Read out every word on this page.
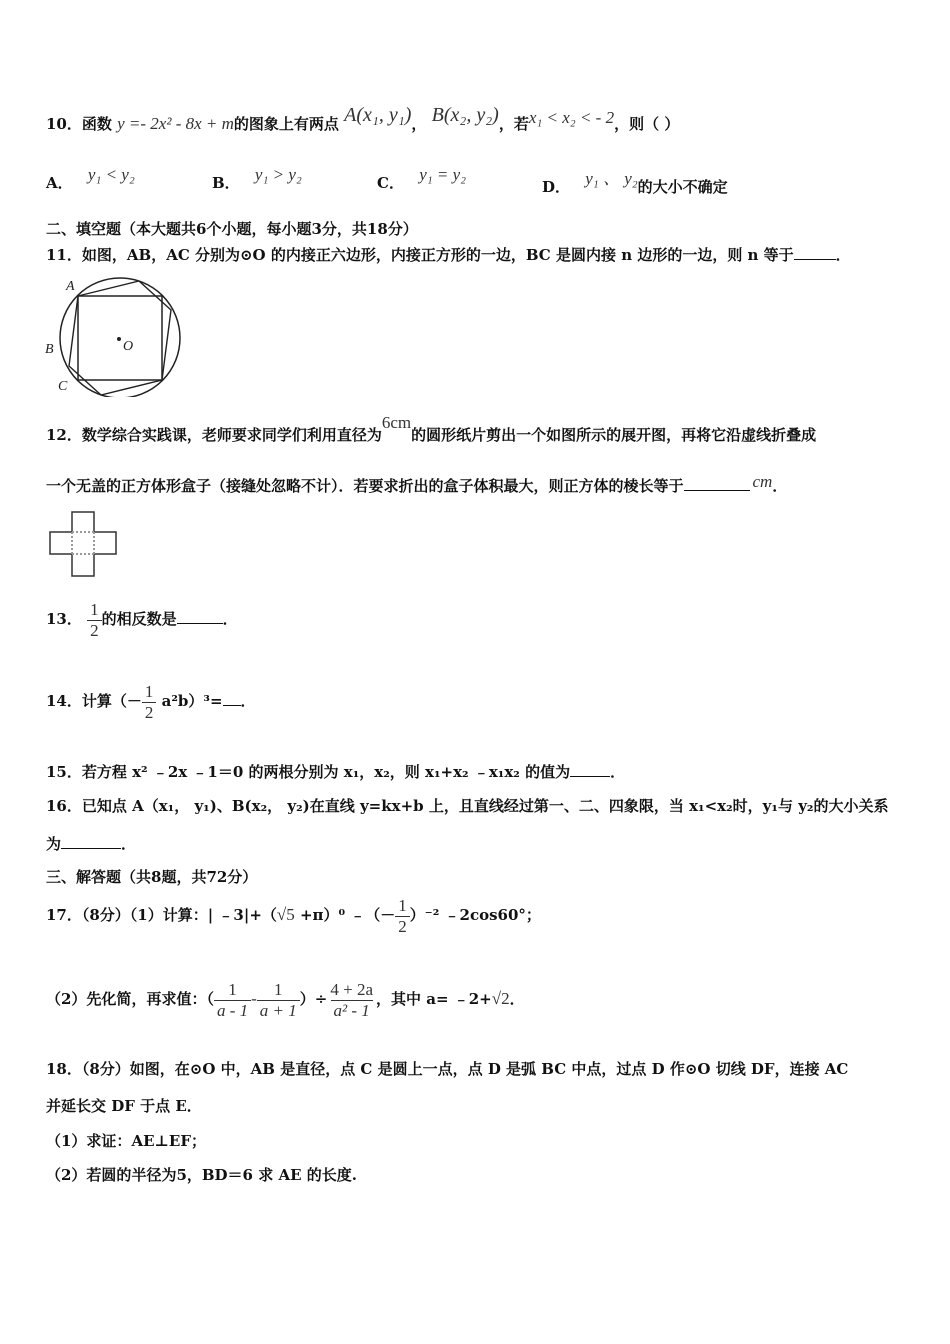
10．函数 y =- 2x² - 8x + m的图象上有两点 A(x₁, y₁)， B(x₂, y₂)，若x₁ < x₂ < - 2，则（ ）
A． y₁ < y₂	B． y₁ > y₂	C． y₁ = y₂
D． y₁ 、 y₂的大小不确定
二、填空题（本大题共6个小题，每小题3分，共18分）
11．如图，AB，AC 分别为⊙O 的内接正六边形，内接正方形的一边，BC 是圆内接 n 边形的一边，则 n 等于	．
A
B
C
O
12．数学综合实践课，老师要求同学们利用直径为6cm的圆形纸片剪出一个如图所示的展开图，再将它沿虚线折叠成
一个无盖的正方体形盒子（接缝处忽略不计）．若要求折出的盒子体积最大，则正方体的棱长等于	cm．
13． $\frac{1}{2}$ 的相反数是	．
14．计算（－ $\frac{1}{2} a^2b)^3=$ ．
15．若方程 x² ﹣2x ﹣1＝0 的两根分别为 x₁，x₂，则 x₁+x₂ ﹣x₁x₂ 的值为	．
16．已知点 A（x₁， y₁)、B(x₂， y₂)在直线 y=kx+b 上，且直线经过第一、二、四象限，当 x₁<x₂时，y₁与 y₂的大小关系
为	．
三、解答题（共8题，共72分）
17．（8分）（1）计算：| ﹣3|+（√5 +π）⁰ ﹣（－ $\frac{1}{2} )^{-2}$ ﹣2cos60°；
（2）先化简，再求值：（ $\frac{1}{a - 1} - \frac{1}{a + 1}$ ）÷ $\frac{4 + 2a}{\text{a² - 1}}$ ，其中 a= ﹣2+√2．
18．（8分）如图，在⊙O 中，AB 是直径，点 C 是圆上一点，点 D 是弧 BC 中点，过点 D 作⊙O 切线 DF，连接 AC
并延长交 DF 于点 E．
（1）求证：AE⊥EF；
（2）若圆的半径为5，BD＝6 求 AE 的长度.
